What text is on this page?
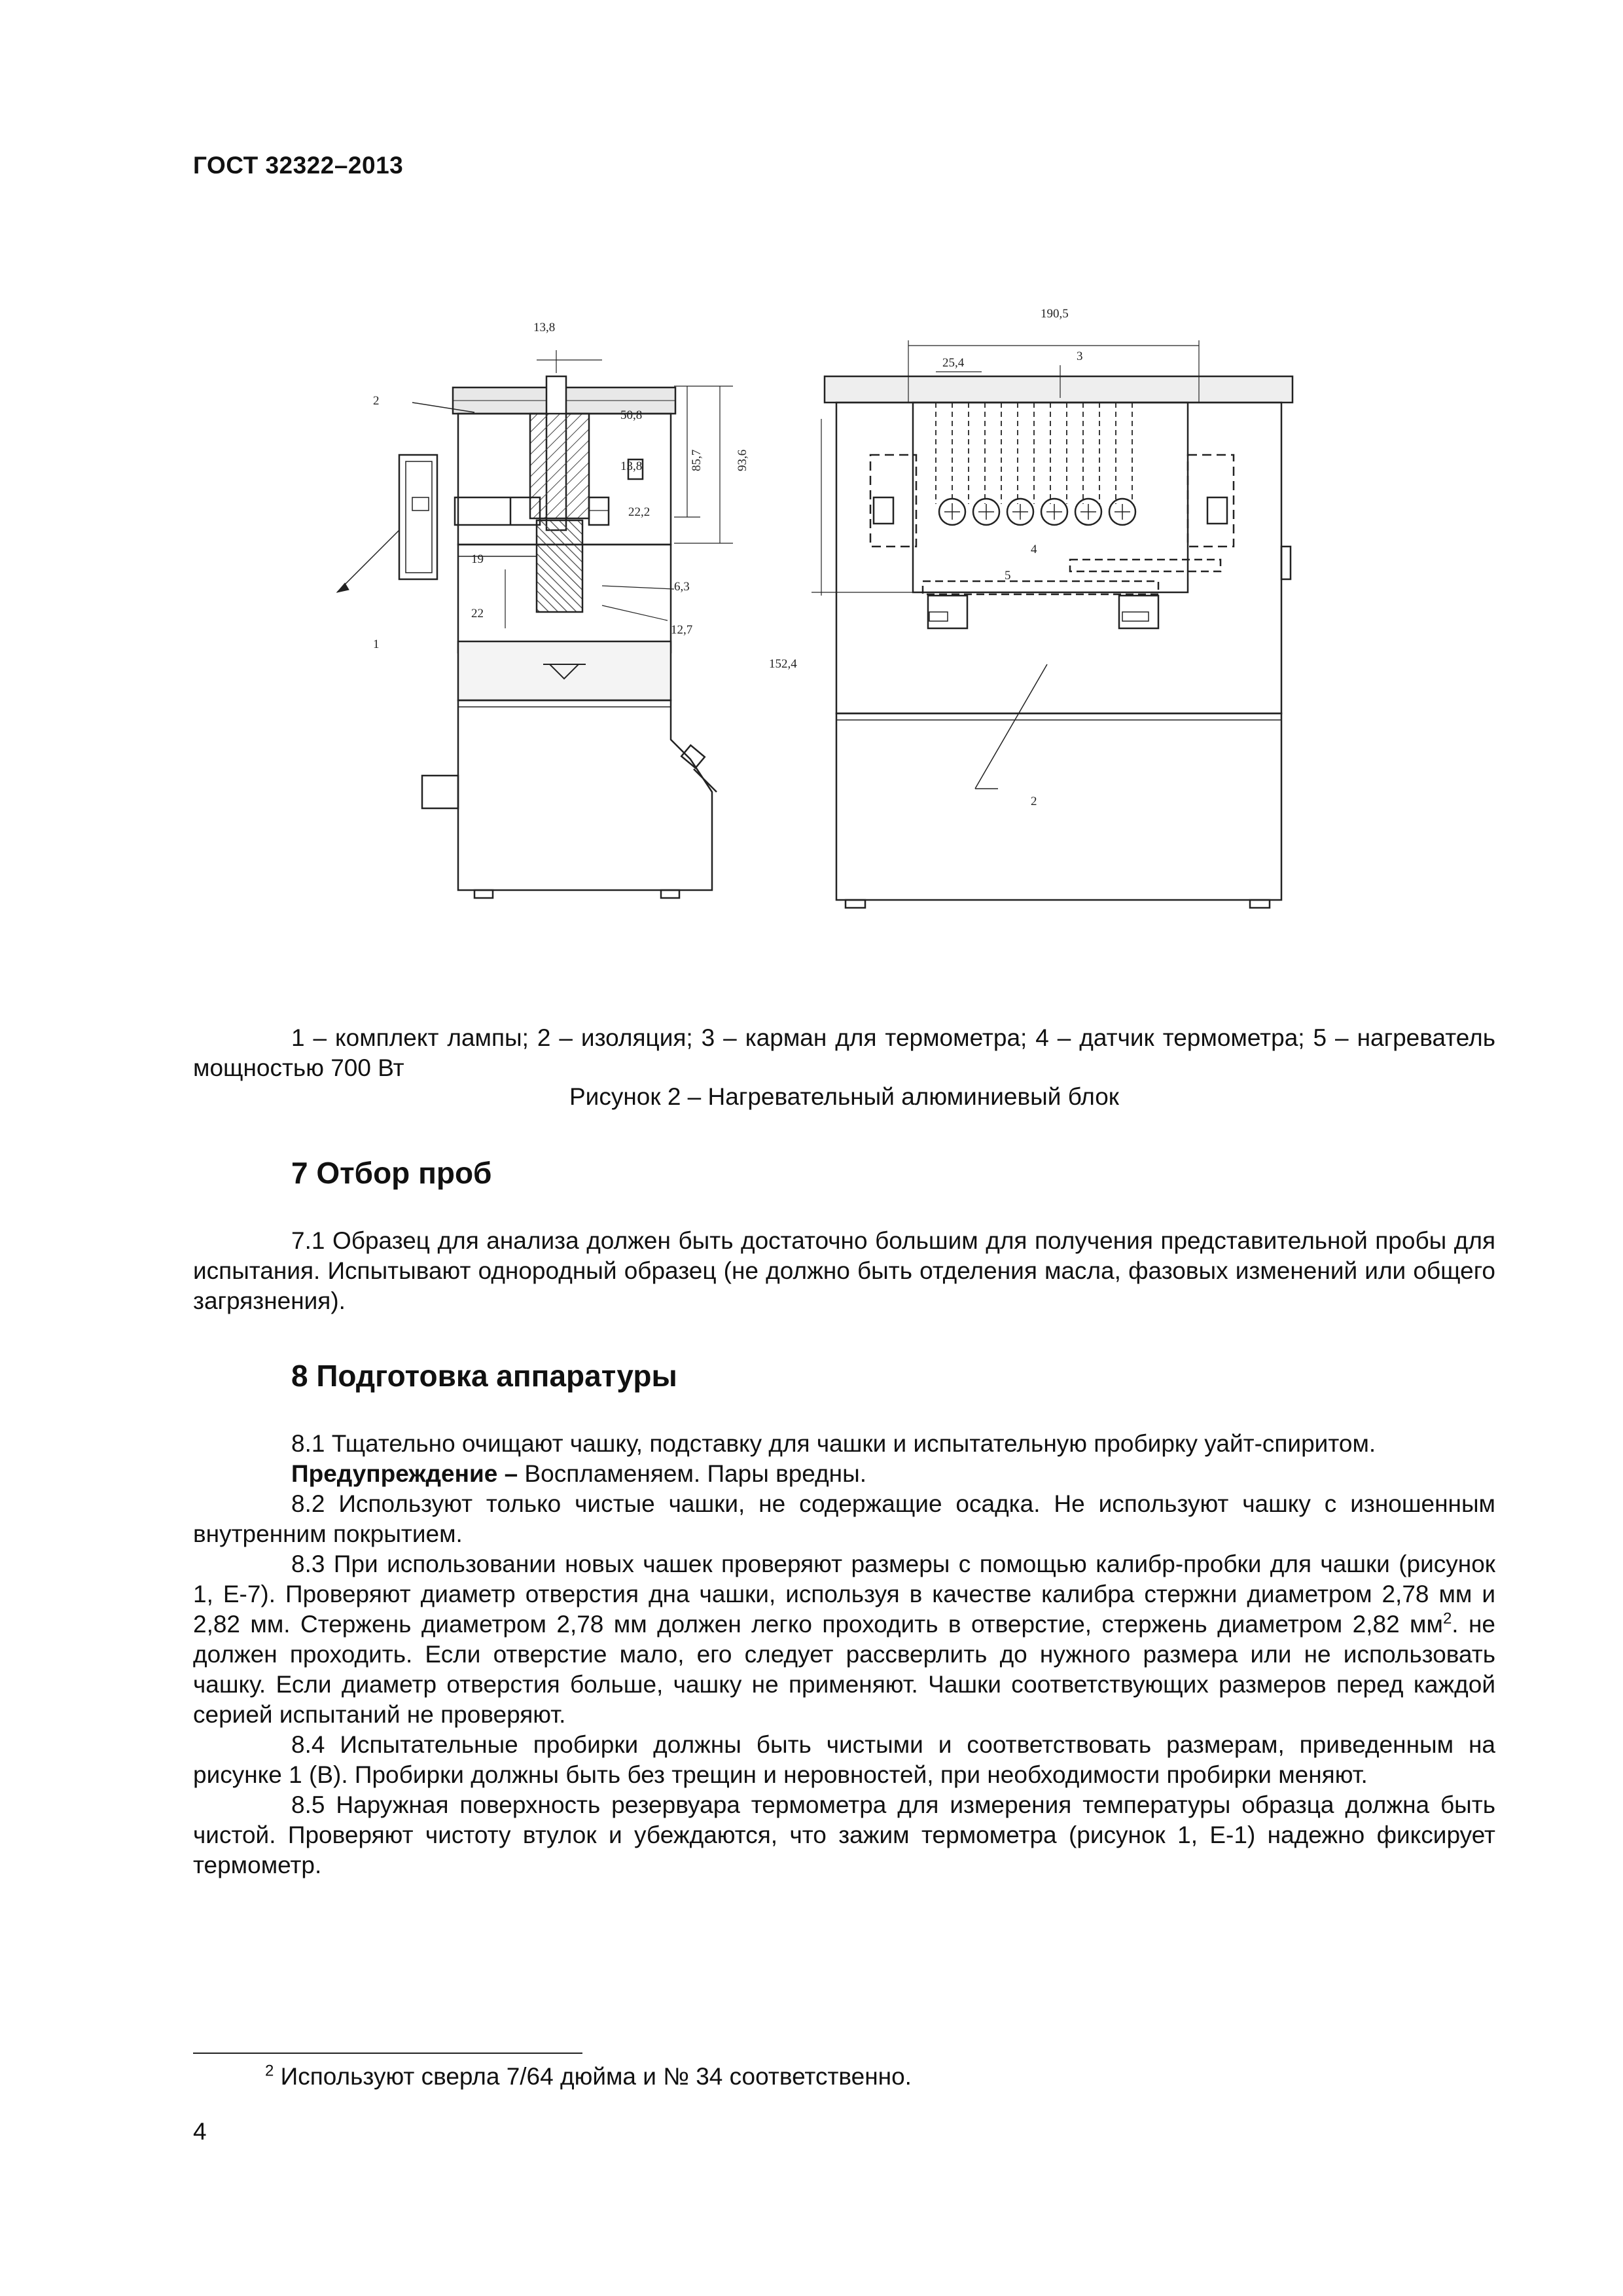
ГОСТ 32322–2013
2
1
13,8
50,8
13,8	85,7	93,6
22,2
19
22
6,3
12,7
190,5
25,4	3
4
5
152,4
2
1 – комплект лампы; 2 – изоляция; 3 – карман для термометра; 4 – датчик термометра; 5 – нагреватель мощностью 700 Вт
Рисунок 2 – Нагревательный алюминиевый блок
7 Отбор проб

7.1 Образец для анализа должен быть достаточно большим для получения представительной пробы для испытания. Испытывают однородный образец (не должно быть отделения масла, фазовых изменений или общего загрязнения).

8 Подготовка аппаратуры

8.1 Тщательно очищают чашку, подставку для чашки и испытательную пробирку уайт-спиритом.

Предупреждение – Воспламеняем. Пары вредны.

8.2 Используют только чистые чашки, не содержащие осадка. Не используют чашку с изношенным внутренним покрытием.

8.3 При использовании новых чашек проверяют размеры с помощью калибр-пробки для чашки (рисунок 1, Е-7). Проверяют диаметр отверстия дна чашки, используя в качестве калибра стержни диаметром 2,78 мм и 2,82 мм. Стержень диаметром 2,78 мм должен легко проходить в отверстие, стержень диаметром 2,82 $мм^2$. не должен проходить. Если отверстие мало, его следует рассверлить до нужного размера или не использовать чашку. Если диаметр отверстия больше, чашку не применяют. Чашки соответствующих размеров перед каждой серией испытаний не проверяют.

8.4 Испытательные пробирки должны быть чистыми и соответствовать размерам, приведенным на рисунке 1 (В). Пробирки должны быть без трещин и неровностей, при необходимости пробирки меняют.

8.5 Наружная поверхность резервуара термометра для измерения температуры образца должна быть чистой. Проверяют чистоту втулок и убеждаются, что зажим термометра (рисунок 1, Е-1) надежно фиксирует термометр.

$^2$ Используют сверла 7/64 дюйма и № 34 соответственно.
4
